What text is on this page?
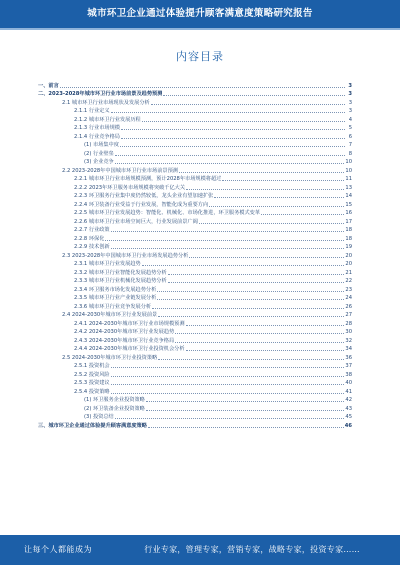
城市环卫企业通过体验提升顾客满意度策略研究报告
内容目录
一、前言	3
二、2023-2028年城市环卫行业市场前景及趋势预测	3
2.1 城市环卫行业市场现状及发展分析	3
2.1.1 行业定义	3
2.1.2 城市环卫行业发展历程	4
2.1.3 行业市场规模	5
2.1.4 行业竞争格局	6
(1) 市场集中度	7
(2) 行业壁垒	8
(3) 企业竞争	10
2.2 2023-2028年中国城市环卫行业市场前景预测	10
2.2.1 城市环卫行业市场规模预测，预计2028年市场规模将超过	11
2.2.2 2023年环卫服务市场规模将突破千亿大关	13
2.2.3 环卫服务行业集中度仍然较低，龙头企业有望加速扩张	14
2.2.4 环卫装备行业受益于行业发展，智能化成为重要方向	15
2.2.5 城市环卫行业发展趋势：智能化、机械化、市场化推进，环卫服务模式变革	16
2.2.6 城市环卫行业市场空间巨大，行业发展前景广阔	17
2.2.7 行业政策	18
2.2.8 环保化	18
2.2.9 技术创新	19
2.3 2023-2028年中国城市环卫行业市场发展趋势分析	20
2.3.1 城市环卫行业发展趋势	20
2.3.2 城市环卫行业智能化发展趋势分析	21
2.3.3 城市环卫行业机械化发展趋势分析	22
2.3.4 环卫服务市场化发展趋势分析	23
2.3.5 城市环卫行业产业链发展分析	24
2.3.6 城市环卫行业竞争发展分析	26
2.4 2024-2030年城市环卫行业发展前景	27
2.4.1 2024-2030年城市环卫行业市场规模预测	28
2.4.2 2024-2030年城市环卫行业发展趋势	30
2.4.3 2024-2030年城市环卫行业竞争格局	32
2.4.4 2024-2030年城市环卫行业投资机会分析	34
2.5 2024-2030年城市环卫行业投资策略	36
2.5.1 投资机会	37
2.5.2 投资风险	38
2.5.3 投资建议	40
2.5.4 投资策略	41
(1) 环卫服务企业投资策略	42
(2) 环卫装备企业投资策略	43
(3) 投资总结	45
三、城市环卫企业通过体验提升顾客满意度策略	46
让每个人都能成为	行业专家，管理专家，营销专家，战略专家，投资专家……
